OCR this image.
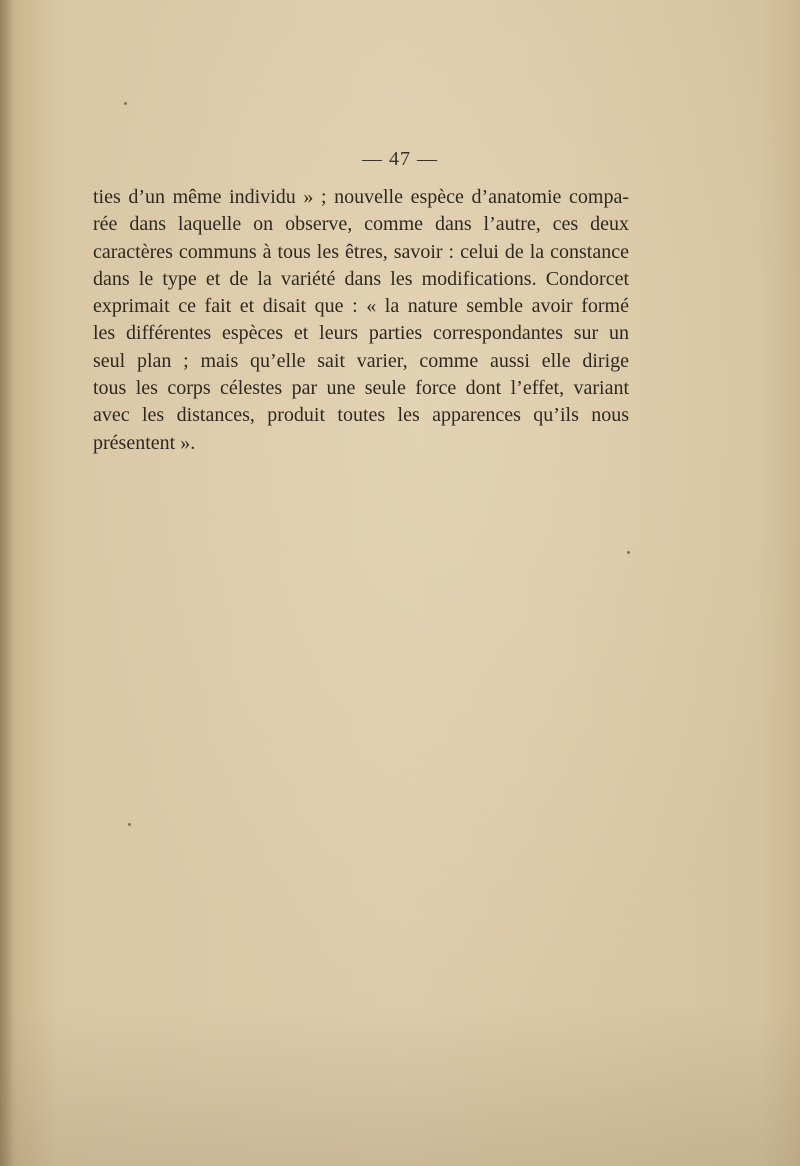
— 47 —
ties d’un même individu » ; nouvelle espèce d’anatomie compa-
rée dans laquelle on observe, comme dans l’autre, ces deux
caractères communs à tous les êtres, savoir : celui de la constance
dans le type et de la variété dans les modifications. Condorcet
exprimait ce fait et disait que : « la nature semble avoir formé
les différentes espèces et leurs parties correspondantes sur un
seul plan ; mais qu’elle sait varier, comme aussi elle dirige
tous les corps célestes par une seule force dont l’effet, variant
avec les distances, produit toutes les apparences qu’ils nous
présentent ».
